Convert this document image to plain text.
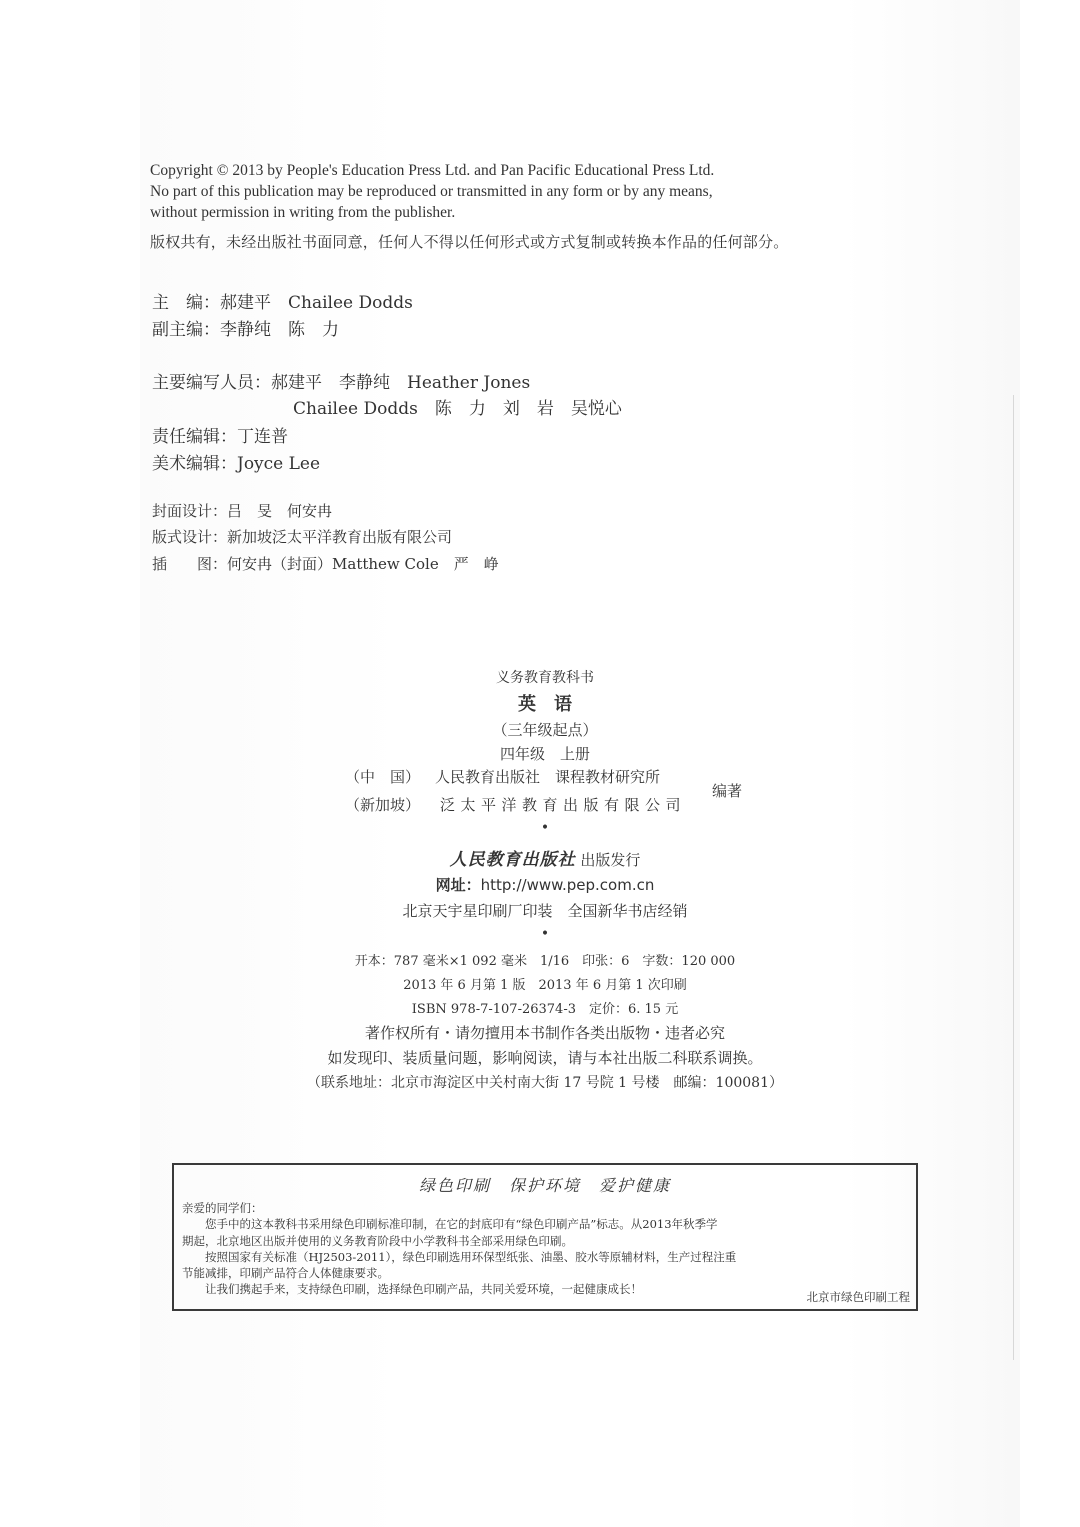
Copyright © 2013 by People's Education Press Ltd. and Pan Pacific Educational Press Ltd.
No part of this publication may be reproduced or transmitted in any form or by any means,
without permission in writing from the publisher.
版权共有，未经出版社书面同意，任何人不得以任何形式或方式复制或转换本作品的任何部分。
主　编：郝建平　Chailee Dodds
副主编：李静纯　陈　力
主要编写人员：郝建平　李静纯　Heather Jones
Chailee Dodds　陈　力　刘　岩　吴悦心
责任编辑：丁连普
美术编辑：Joyce Lee
封面设计：吕　旻　何安冉
版式设计：新加坡泛太平洋教育出版有限公司
插　　图：何安冉（封面）Matthew Cole　严　峥
义务教育教科书
英　语
（三年级起点）
四年级　上册
（中　国） 人民教育出版社　课程教材研究所
（新加坡） 泛太平洋教育出版有限公司
编著
•
人民教育出版社 出版发行
网址：http://www.pep.com.cn
北京天宇星印刷厂印装　全国新华书店经销
•
开本：787 毫米×1 092 毫米　1/16　印张：6　字数：120 000
2013 年 6 月第 1 版　2013 年 6 月第 1 次印刷
ISBN 978-7-107-26374-3　定价：6. 15 元
著作权所有・请勿擅用本书制作各类出版物・违者必究
如发现印、装质量问题，影响阅读，请与本社出版二科联系调换。
（联系地址：北京市海淀区中关村南大街 17 号院 1 号楼　邮编：100081）
绿色印刷　保护环境　爱护健康
亲爱的同学们：
　　您手中的这本教科书采用绿色印刷标准印制，在它的封底印有“绿色印刷产品”标志。从2013年秋季学
期起，北京地区出版并使用的义务教育阶段中小学教科书全部采用绿色印刷。
　　按照国家有关标准（HJ2503-2011），绿色印刷选用环保型纸张、油墨、胶水等原辅材料，生产过程注重
节能减排，印刷产品符合人体健康要求。
　　让我们携起手来，支持绿色印刷，选择绿色印刷产品，共同关爱环境，一起健康成长！
北京市绿色印刷工程
